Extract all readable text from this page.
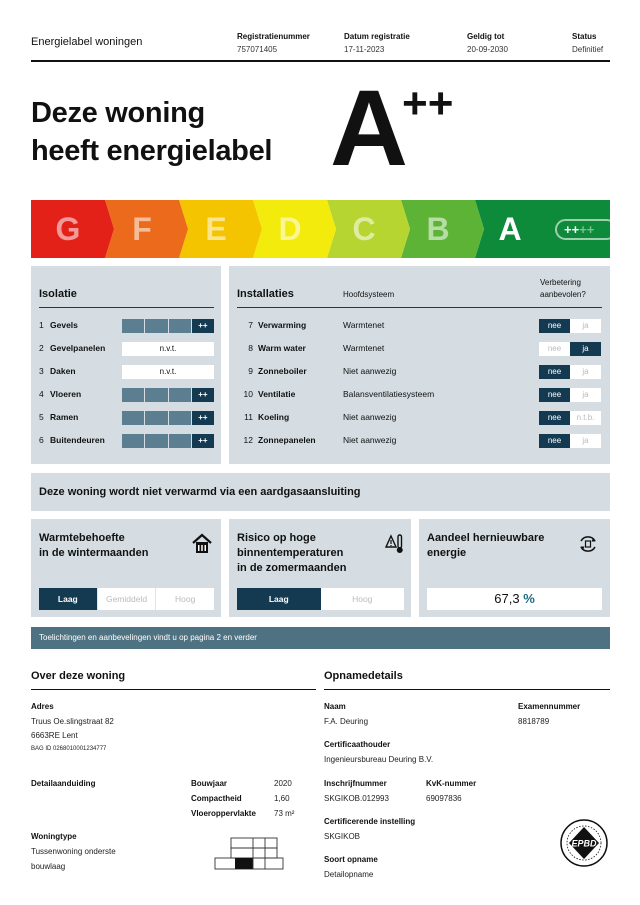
Energielabel woningen	Registratienummer
757071405
Datum registratie
17-11-2023
Geldig tot
20-09-2030
Status
Definitief
Deze woning
heeft energielabel A
++
G	F	E	D	C	B	A	++++
Isolatie
1 Gevels	++
2 Gevelpanelen	n.v.t.
3 Daken	n.v.t.
4 Vloeren	++
5 Ramen	++
6 Buitendeuren	++
Installaties	Hoofdsysteem
Verbetering
aanbevolen?
7 Verwarming	Warmtenet	nee	ja
8 Warm water	Warmtenet	nee	ja
9 Zonneboiler	Niet aanwezig	nee	ja
10 Ventilatie	Balansventilatiesysteem	nee	ja
11 Koeling	Niet aanwezig	nee	n.t.b.
12 Zonnepanelen	Niet aanwezig	nee	ja
Deze woning wordt niet verwarmd via een aardgasaansluiting
Warmtebehoefte
in de wintermaanden
Laag	Gemiddeld	Hoog
Risico op hoge
binnentemperaturen
in de zomermaanden
Laag	Hoog
Aandeel hernieuwbare
energie
67,3 %
Toelichtingen en aanbevelingen vindt u op pagina 2 en verder
Over deze woning
Adres
Truus Oe.slingstraat 82
6663RE Lent
BAG ID 0268010001234777
Detailaanduiding	Bouwjaar	2020
Compactheid	1,60
Vloeroppervlakte 73 m²
Woningtype
Tussenwoning onderste
bouwlaag
Opnamedetails
Naam
F.A. Deuring
Examennummer
8818789
Certificaathouder
Ingenieursbureau Deuring B.V.
Inschrijfnummer
SKGIKOB.012993
KvK-nummer
69097836
Certificerende instelling
SKGIKOB
Soort opname
Detailopname
EPBD
